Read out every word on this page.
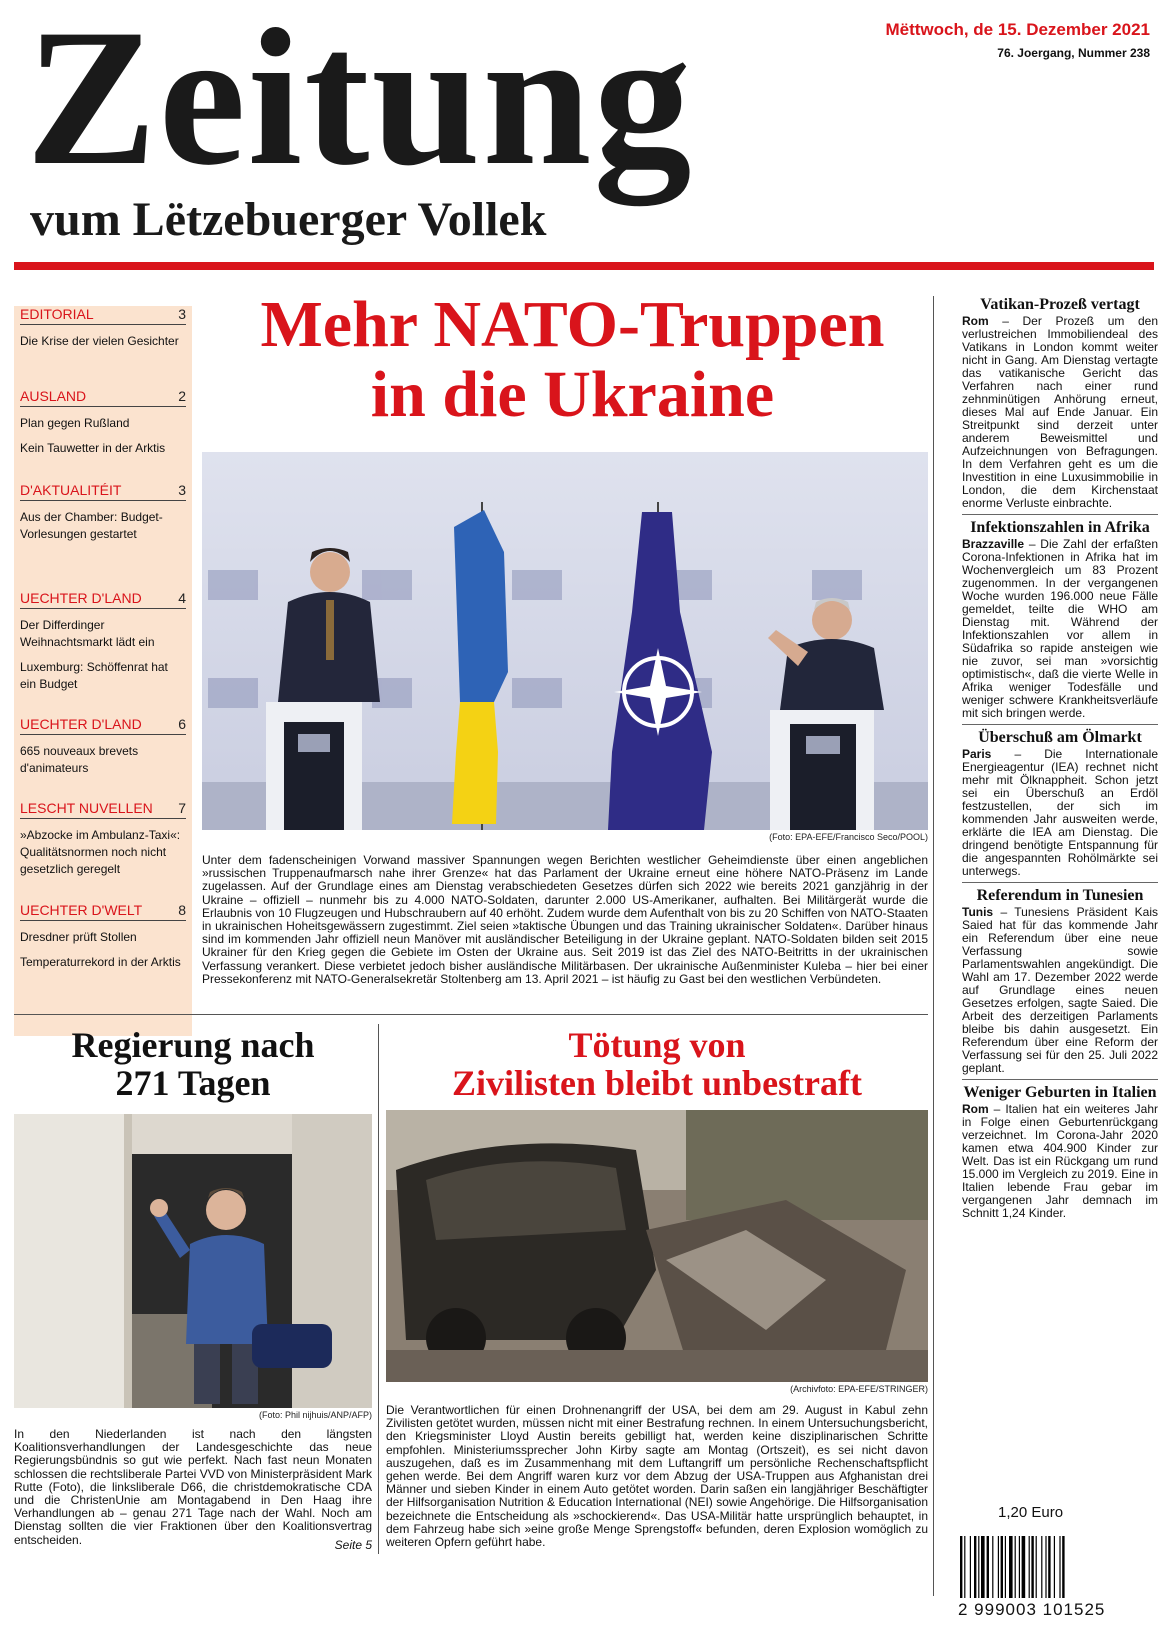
Zeitung
vum Lëtzebuerger Vollek
Mëttwoch, de 15. Dezember 2021
76. Joergang, Nummer 238
EDITORIAL	3
Die Krise der vielen Gesichter
AUSLAND	2
Plan gegen Rußland
Kein Tauwetter in der Arktis
D'AKTUALITÉIT	3
Aus der Chamber: Budget-Vorlesungen gestartet
UECHTER D'LAND	4
Der Differdinger Weihnachtsmarkt lädt ein
Luxemburg: Schöffenrat hat ein Budget
UECHTER D'LAND	6
665 nouveaux brevets d'animateurs
LESCHT NUVELLEN 7
»Abzocke im Ambulanz-Taxi«: Qualitätsnormen noch nicht gesetzlich geregelt
UECHTER D'WELT	8
Dresdner prüft Stollen
Temperaturrekord in der Arktis
Mehr NATO-Truppen
in die Ukraine
(Foto: EPA-EFE/Francisco Seco/POOL)
Unter dem fadenscheinigen Vorwand massiver Spannungen wegen Berichten westlicher Geheimdienste über einen angeblichen »russischen Truppenaufmarsch nahe ihrer Grenze« hat das Parlament der Ukraine erneut eine höhere NATO-Präsenz im Lande zugelassen. Auf der Grundlage eines am Dienstag verabschiedeten Gesetzes dürfen sich 2022 wie bereits 2021 ganzjährig in der Ukraine – offiziell – nunmehr bis zu 4.000 NATO-Soldaten, darunter 2.000 US-Amerikaner, aufhalten. Bei Militärgerät wurde die Erlaubnis von 10 Flugzeugen und Hubschraubern auf 40 erhöht. Zudem wurde dem Aufenthalt von bis zu 20 Schiffen von NATO-Staaten in ukrainischen Hoheitsgewässern zugestimmt. Ziel seien »taktische Übungen und das Training ukrainischer Soldaten«. Darüber hinaus sind im kommenden Jahr offiziell neun Manöver mit ausländischer Beteiligung in der Ukraine geplant. NATO-Soldaten bilden seit 2015 Ukrainer für den Krieg gegen die Gebiete im Osten der Ukraine aus. Seit 2019 ist das Ziel des NATO-Beitritts in der ukrainischen Verfassung verankert. Diese verbietet jedoch bisher ausländische Militärbasen. Der ukrainische Außenminister Kuleba – hier bei einer Pressekonferenz mit NATO-Generalsekretär Stoltenberg am 13. April 2021 – ist häufig zu Gast bei den westlichen Verbündeten.
Regierung nach
271 Tagen
(Foto: Phil nijhuis/ANP/AFP)
In den Niederlanden ist nach den längsten Koalitionsverhandlungen der Landesgeschichte das neue Regierungsbündnis so gut wie perfekt. Nach fast neun Monaten schlossen die rechtsliberale Partei VVD von Ministerpräsident Mark Rutte (Foto), die linksliberale D66, die christdemokratische CDA und die ChristenUnie am Montagabend in Den Haag ihre Verhandlungen ab – genau 271 Tage nach der Wahl. Noch am Dienstag sollten die vier Fraktionen über den Koalitionsvertrag entscheiden.	Seite 5
Tötung von
Zivilisten bleibt unbestraft
(Archivfoto: EPA-EFE/STRINGER)
Die Verantwortlichen für einen Drohnenangriff der USA, bei dem am 29. August in Kabul zehn Zivilisten getötet wurden, müssen nicht mit einer Bestrafung rechnen. In einem Untersuchungsbericht, den Kriegsminister Lloyd Austin bereits gebilligt hat, werden keine disziplinarischen Schritte empfohlen. Ministeriumssprecher John Kirby sagte am Montag (Ortszeit), es sei nicht davon auszugehen, daß es im Zusammenhang mit dem Luftangriff um persönliche Rechenschaftspflicht gehen werde. Bei dem Angriff waren kurz vor dem Abzug der USA-Truppen aus Afghanistan drei Männer und sieben Kinder in einem Auto getötet worden. Darin saßen ein langjähriger Beschäftigter der Hilfsorganisation Nutrition & Education International (NEI) sowie Angehörige. Die Hilfsorganisation bezeichnete die Entscheidung als »schockierend«. Das USA-Militär hatte ursprünglich behauptet, in dem Fahrzeug habe sich »eine große Menge Sprengstoff« befunden, deren Explosion womöglich zu weiteren Opfern geführt habe.
Vatikan-Prozeß vertagt
Rom – Der Prozeß um den verlustreichen Immobiliendeal des Vatikans in London kommt weiter nicht in Gang. Am Dienstag vertagte das vatikanische Gericht das Verfahren nach einer rund zehnminütigen Anhörung erneut, dieses Mal auf Ende Januar. Ein Streitpunkt sind derzeit unter anderem Beweismittel und Aufzeichnungen von Befragungen. In dem Verfahren geht es um die Investition in eine Luxusimmobilie in London, die dem Kirchenstaat enorme Verluste einbrachte.
Infektionszahlen in Afrika
Brazzaville – Die Zahl der erfaßten Corona-Infektionen in Afrika hat im Wochenvergleich um 83 Prozent zugenommen. In der vergangenen Woche wurden 196.000 neue Fälle gemeldet, teilte die WHO am Dienstag mit. Während der Infektionszahlen vor allem in Südafrika so rapide ansteigen wie nie zuvor, sei man »vorsichtig optimistisch«, daß die vierte Welle in Afrika weniger Todesfälle und weniger schwere Krankheitsverläufe mit sich bringen werde.
Überschuß am Ölmarkt
Paris – Die Internationale Energieagentur (IEA) rechnet nicht mehr mit Ölknappheit. Schon jetzt sei ein Überschuß an Erdöl festzustellen, der sich im kommenden Jahr ausweiten werde, erklärte die IEA am Dienstag. Die dringend benötigte Entspannung für die angespannten Rohölmärkte sei unterwegs.
Referendum in Tunesien
Tunis – Tunesiens Präsident Kais Saied hat für das kommende Jahr ein Referendum über eine neue Verfassung sowie Parlamentswahlen angekündigt. Die Wahl am 17. Dezember 2022 werde auf Grundlage eines neuen Gesetzes erfolgen, sagte Saied. Die Arbeit des derzeitigen Parlaments bleibe bis dahin ausgesetzt. Ein Referendum über eine Reform der Verfassung sei für den 25. Juli 2022 geplant.
Weniger Geburten in Italien
Rom – Italien hat ein weiteres Jahr in Folge einen Geburtenrückgang verzeichnet. Im Corona-Jahr 2020 kamen etwa 404.900 Kinder zur Welt. Das ist ein Rückgang um rund 15.000 im Vergleich zu 2019. Eine in Italien lebende Frau gebar im vergangenen Jahr demnach im Schnitt 1,24 Kinder.
1,20 Euro
2 999003 101525
